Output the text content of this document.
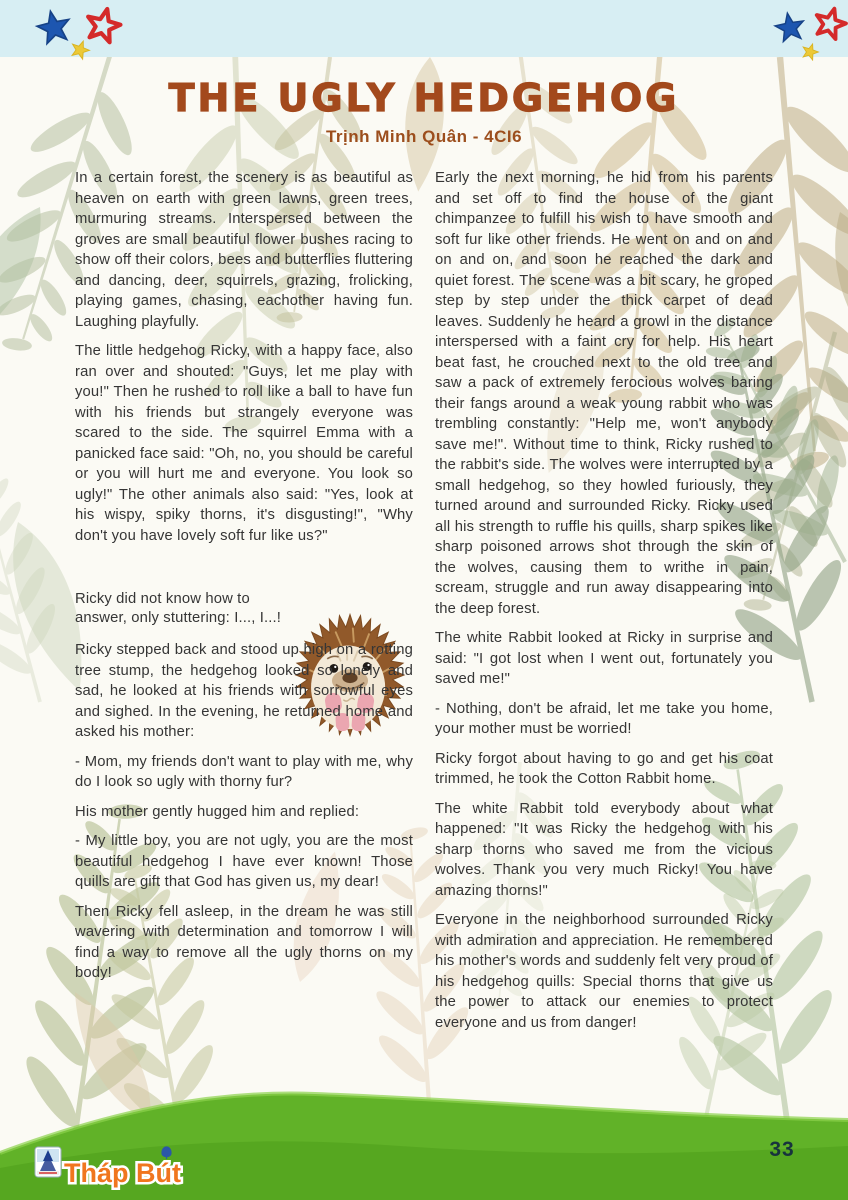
THE UGLY HEDGEHOG
Trịnh Minh Quân - 4CI6

In a certain forest, the scenery is as beautiful as heaven on earth with green lawns, green trees, murmuring streams. Interspersed between the groves are small beautiful flower bushes racing to show off their colors, bees and butterflies fluttering and dancing, deer, squirrels, grazing, frolicking, playing games, chasing, eachother having fun. Laughing playfully.

The little hedgehog Ricky, with a happy face, also ran over and shouted: "Guys, let me play with you!" Then he rushed to roll like a ball to have fun with his friends but strangely everyone was scared to the side. The squirrel Emma with a panicked face said: "Oh, no, you should be careful or you will hurt me and everyone. You look so ugly!" The other animals also said: "Yes, look at his wispy, spiky thorns, it's disgusting!", "Why don't you have lovely soft fur like us?"

Ricky did not know how to answer, only stuttering: I..., I...!

Ricky stepped back and stood up high on a rotting tree stump, the hedgehog looked so lonely and sad, he looked at his friends with sorrowful eyes and sighed. In the evening, he returned home and asked his mother:

- Mom, my friends don't want to play with me, why do I look so ugly with thorny fur?

His mother gently hugged him and replied:

- My little boy, you are not ugly, you are the most beautiful hedgehog I have ever known! Those quills are gift that God has given us, my dear!

Then Ricky fell asleep, in the dream he was still wavering with determination and tomorrow I will find a way to remove all the ugly thorns on my body!

Early the next morning, he hid from his parents and set off to find the house of the giant chimpanzee to fulfill his wish to have smooth and soft fur like other friends. He went on and on and on and on, and soon he reached the dark and quiet forest. The scene was a bit scary, he groped step by step under the thick carpet of dead leaves. Suddenly he heard a growl in the distance interspersed with a faint cry for help. His heart beat fast, he crouched next to the old tree and saw a pack of extremely ferocious wolves baring their fangs around a weak young rabbit who was trembling constantly: "Help me, won't anybody save me!". Without time to think, Ricky rushed to the rabbit's side. The wolves were interrupted by a small hedgehog, so they howled furiously, they turned around and surrounded Ricky. Ricky used all his strength to ruffle his quills, sharp spikes like sharp poisoned arrows shot through the skin of the wolves, causing them to writhe in pain, scream, struggle and run away disappearing into the deep forest.

The white Rabbit looked at Ricky in surprise and said: "I got lost when I went out, fortunately you saved me!"

- Nothing, don't be afraid, let me take you home, your mother must be worried!

Ricky forgot about having to go and get his coat trimmed, he took the Cotton Rabbit home.

The white Rabbit told everybody about what happened: "It was Ricky the hedgehog with his sharp thorns who saved me from the vicious wolves. Thank you very much Ricky! You have amazing thorns!"

Everyone in the neighborhood surrounded Ricky with admiration and appreciation. He remembered his mother's words and suddenly felt very proud of his hedgehog quills: Special thorns that give us the power to attack our enemies to protect everyone and us from danger!

Tháp Bút
33
